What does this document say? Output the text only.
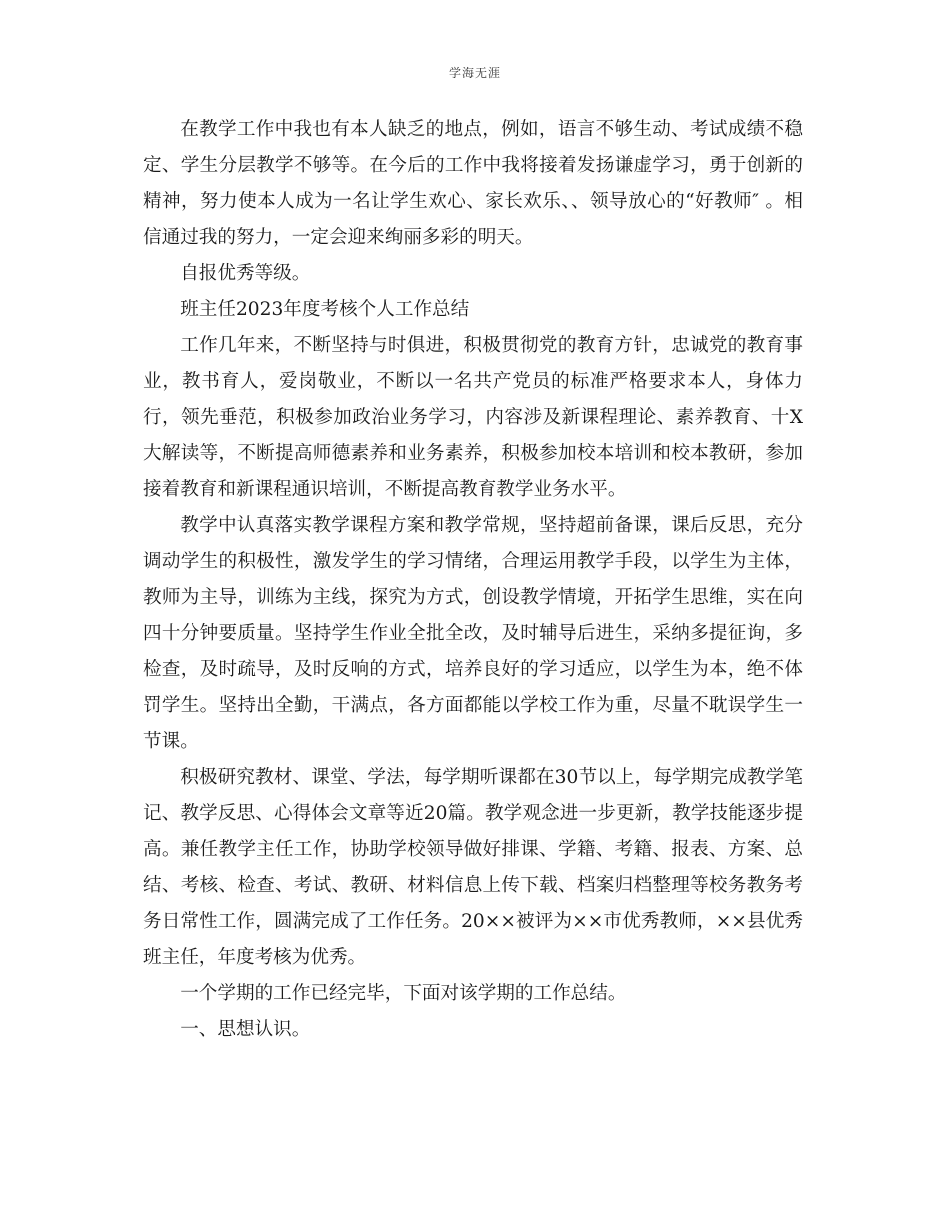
学海无涯

在教学工作中我也有本人缺乏的地点，例如，语言不够生动、考试成绩不稳定、学生分层教学不够等。在今后的工作中我将接着发扬谦虚学习，勇于创新的精神，努力使本人成为一名让学生欢心、家长欢乐、、领导放心的“好教师″ 。相信通过我的努力，一定会迎来绚丽多彩的明天。

自报优秀等级。

班主任2023年度考核个人工作总结

工作几年来，不断坚持与时俱进，积极贯彻党的教育方针，忠诚党的教育事业，教书育人，爱岗敬业，不断以一名共产党员的标准严格要求本人，身体力行，领先垂范，积极参加政治业务学习，内容涉及新课程理论、素养教育、十X大解读等，不断提高师德素养和业务素养，积极参加校本培训和校本教研，参加接着教育和新课程通识培训，不断提高教育教学业务水平。

教学中认真落实教学课程方案和教学常规，坚持超前备课，课后反思，充分调动学生的积极性，激发学生的学习情绪，合理运用教学手段，以学生为主体，教师为主导，训练为主线，探究为方式，创设教学情境，开拓学生思维，实在向四十分钟要质量。坚持学生作业全批全改，及时辅导后进生，采纳多提征询，多检查，及时疏导，及时反响的方式，培养良好的学习适应，以学生为本，绝不体罚学生。坚持出全勤，干满点，各方面都能以学校工作为重，尽量不耽误学生一节课。

积极研究教材、课堂、学法，每学期听课都在30节以上，每学期完成教学笔记、教学反思、心得体会文章等近20篇。教学观念进一步更新，教学技能逐步提高。兼任教学主任工作，协助学校领导做好排课、学籍、考籍、报表、方案、总结、考核、检查、考试、教研、材料信息上传下载、档案归档整理等校务教务考务日常性工作，圆满完成了工作任务。20××被评为××市优秀教师，××县优秀班主任，年度考核为优秀。

一个学期的工作已经完毕，下面对该学期的工作总结。

一、思想认识。
